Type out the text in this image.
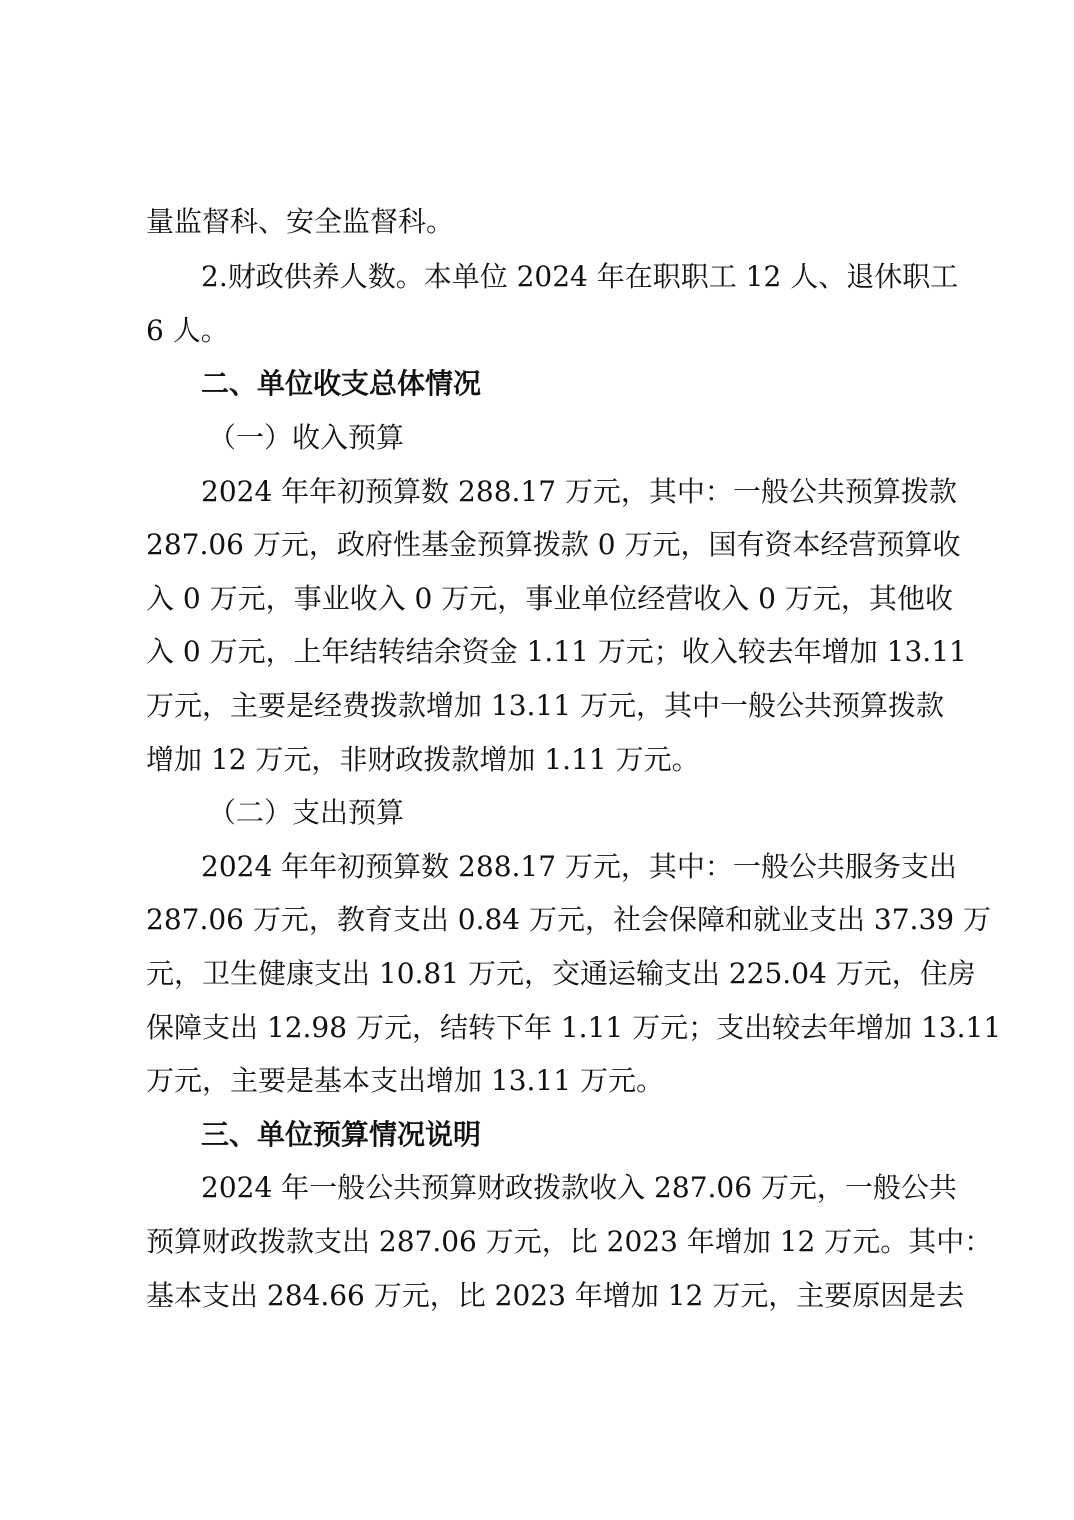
量监督科、安全监督科。
2.财政供养人数。本单位 2024 年在职职工 12 人、退休职工
6 人。
二、单位收支总体情况
（一）收入预算
2024 年年初预算数 288.17 万元，其中：一般公共预算拨款
287.06 万元，政府性基金预算拨款 0 万元，国有资本经营预算收
入 0 万元，事业收入 0 万元，事业单位经营收入 0 万元，其他收
入 0 万元，上年结转结余资金 1.11 万元；收入较去年增加 13.11
万元，主要是经费拨款增加 13.11 万元，其中一般公共预算拨款
增加 12 万元，非财政拨款增加 1.11 万元。
（二）支出预算
2024 年年初预算数 288.17 万元，其中：一般公共服务支出
287.06 万元，教育支出 0.84 万元，社会保障和就业支出 37.39 万
元，卫生健康支出 10.81 万元，交通运输支出 225.04 万元，住房
保障支出 12.98 万元，结转下年 1.11 万元；支出较去年增加 13.11
万元，主要是基本支出增加 13.11 万元。
三、单位预算情况说明
2024 年一般公共预算财政拨款收入 287.06 万元，一般公共
预算财政拨款支出 287.06 万元，比 2023 年增加 12 万元。其中：
基本支出 284.66 万元，比 2023 年增加 12 万元，主要原因是去
